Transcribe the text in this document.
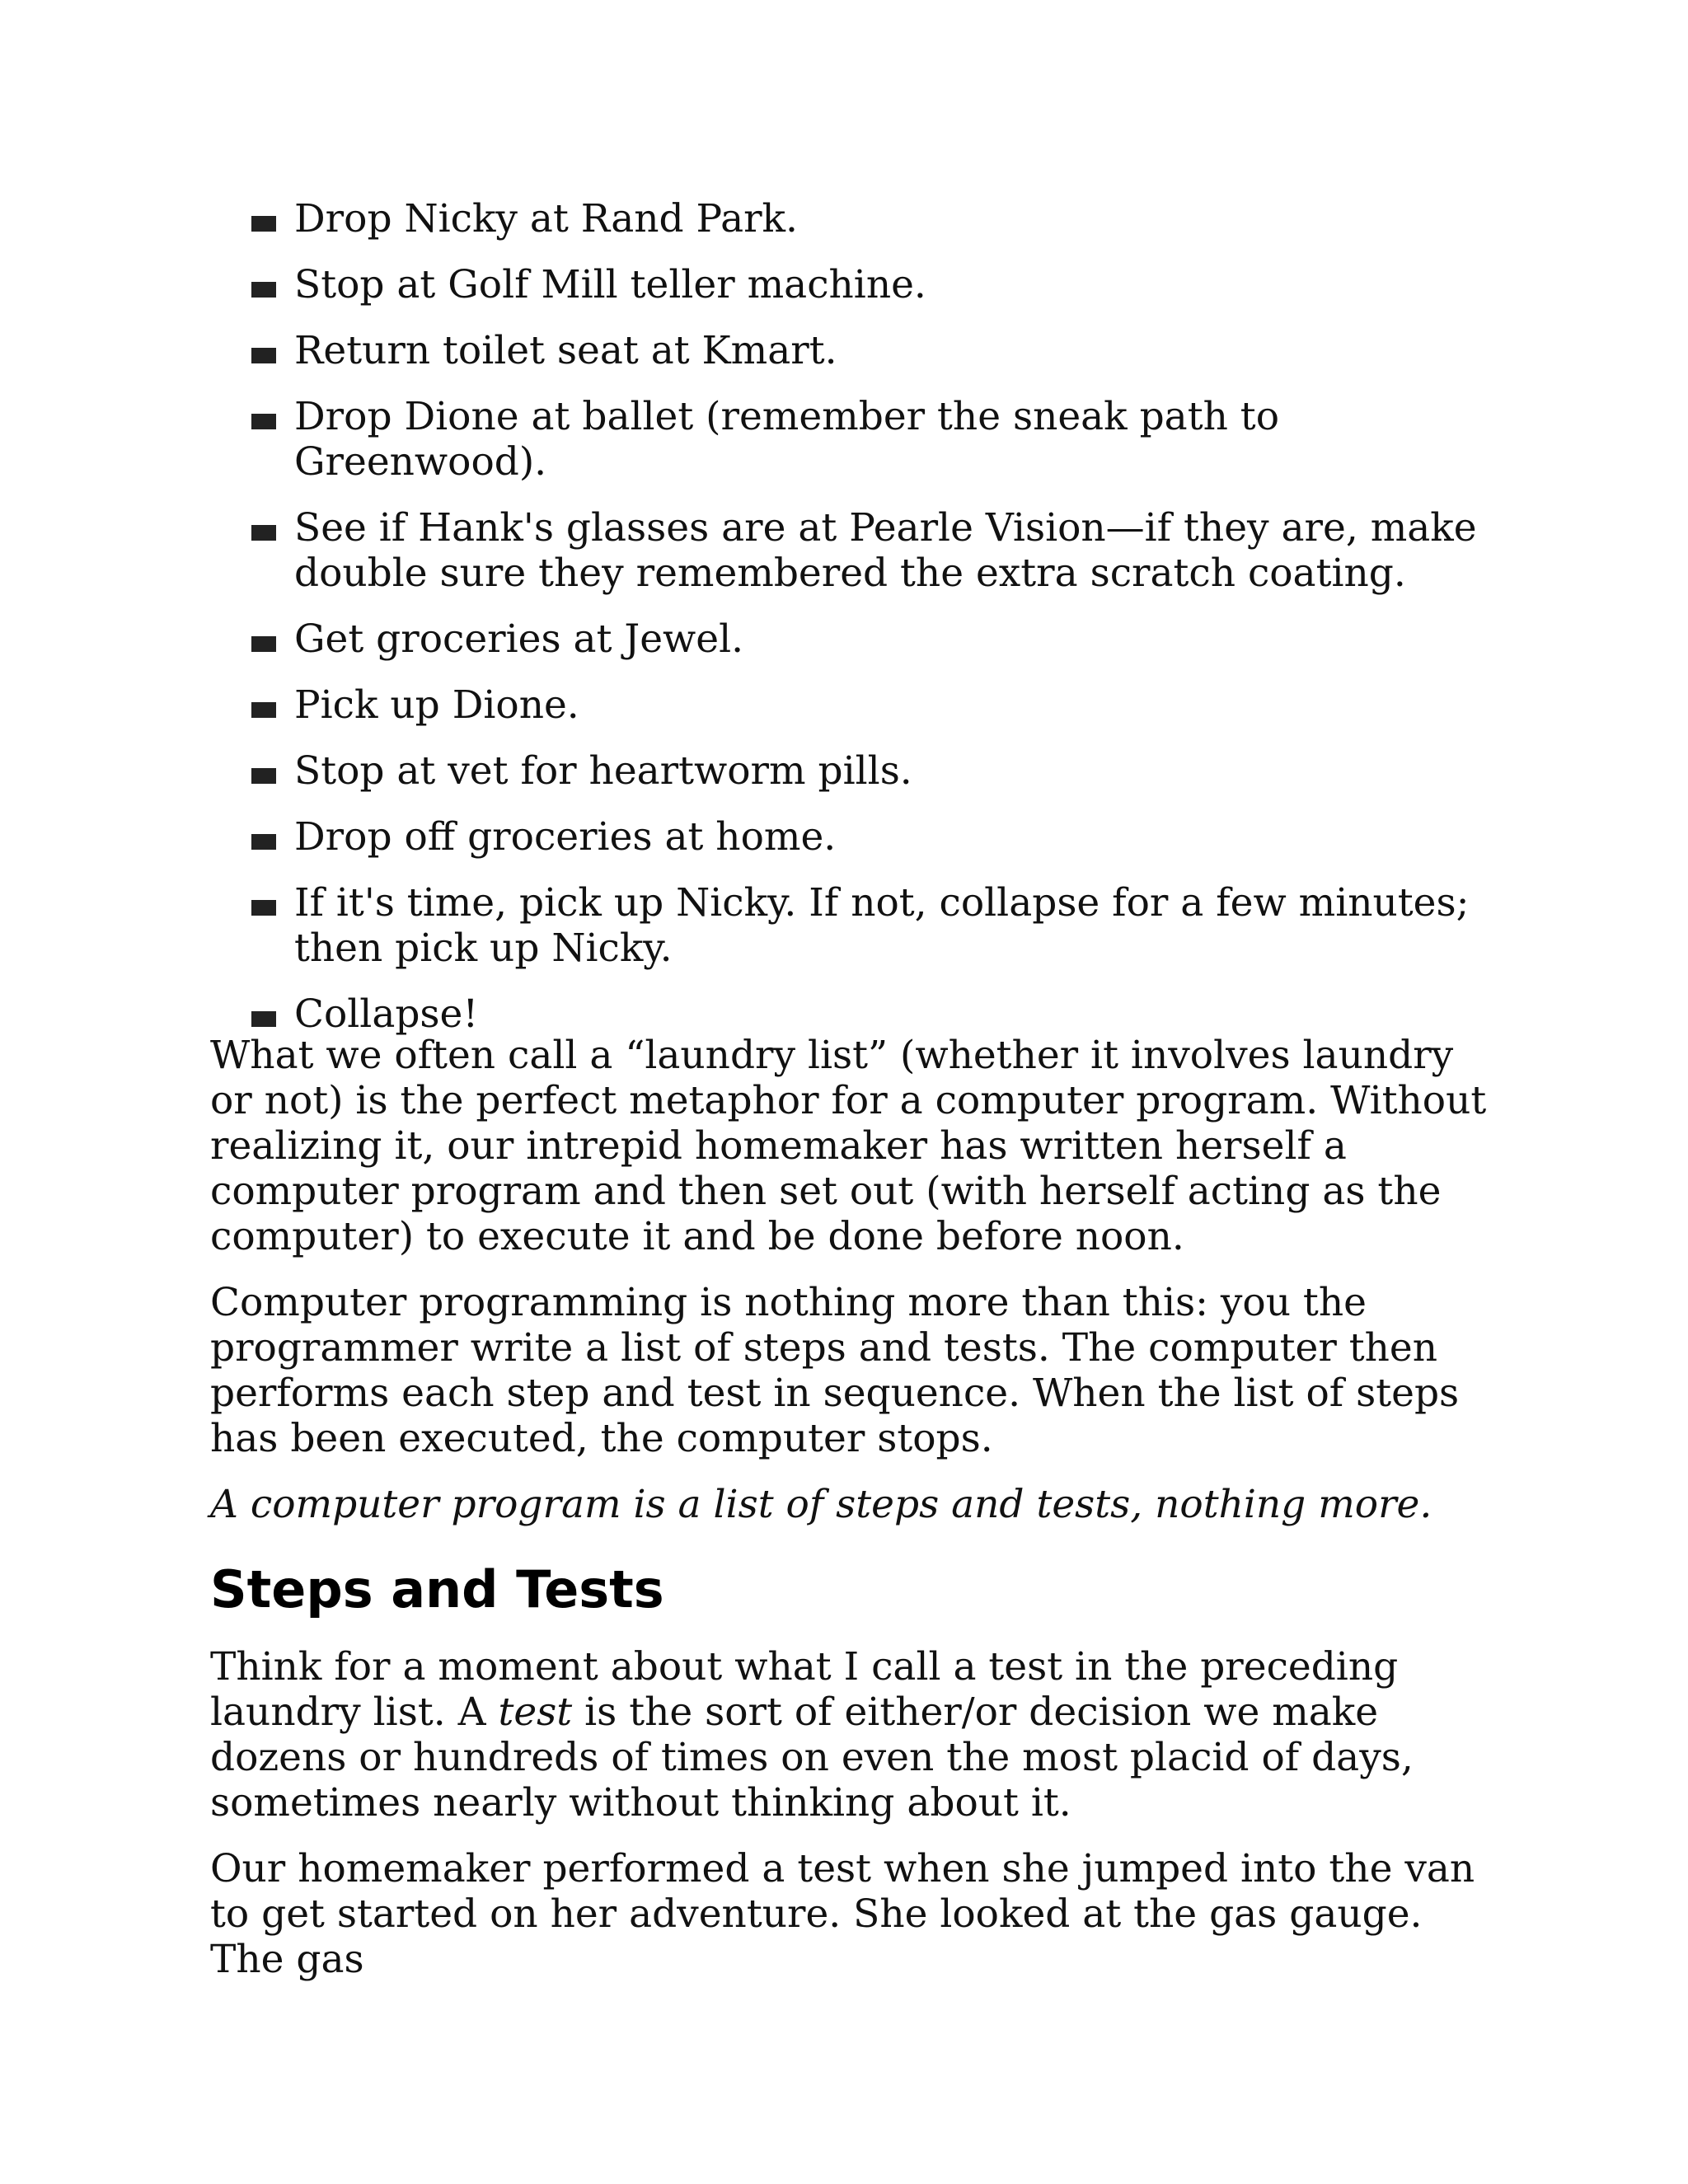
Drop Nicky at Rand Park.
Stop at Golf Mill teller machine.
Return toilet seat at Kmart.
Drop Dione at ballet (remember the sneak path to Greenwood).
See if Hank's glasses are at Pearle Vision—if they are, make double sure they remembered the extra scratch coating.
Get groceries at Jewel.
Pick up Dione.
Stop at vet for heartworm pills.
Drop off groceries at home.
If it's time, pick up Nicky. If not, collapse for a few minutes; then pick up Nicky.
Collapse!

What we often call a “laundry list” (whether it involves laundry or not) is the perfect metaphor for a computer program. Without realizing it, our intrepid homemaker has written herself a computer program and then set out (with herself acting as the computer) to execute it and be done before noon.

Computer programming is nothing more than this: you the programmer write a list of steps and tests. The computer then performs each step and test in sequence. When the list of steps has been executed, the computer stops.

A computer program is a list of steps and tests, nothing more.

Steps and Tests

Think for a moment about what I call a test in the preceding laundry list. A test is the sort of either/or decision we make dozens or hundreds of times on even the most placid of days, sometimes nearly without thinking about it.

Our homemaker performed a test when she jumped into the van to get started on her adventure. She looked at the gas gauge. The gas
